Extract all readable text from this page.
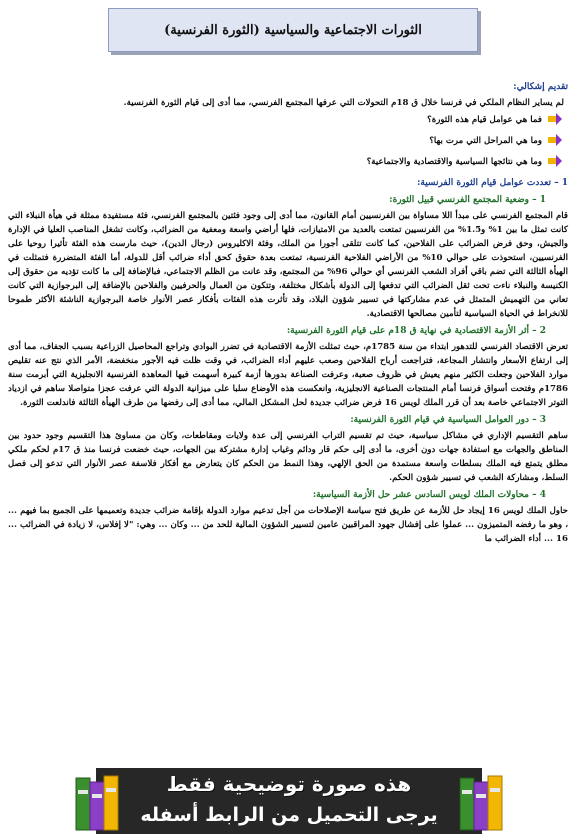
الثورات الاجتماعية والسياسية (الثورة الفرنسية)
تقديم إشكالي:

لم يساير النظام الملكي في فرنسا خلال ق 18م التحولات التي عرفها المجتمع الفرنسي، مما أدى إلى قيام الثورة الفرنسية.

فما هي عوامل قيام هذه الثورة؟
وما هي المراحل التي مرت بها؟
وما هي نتائجها السياسية والاقتصادية والاجتماعية؟
1 – تعددت عوامل قيام الثورة الفرنسية:
1 – وضعية المجتمع الفرنسي قبيل الثورة:

قام المجتمع الفرنسي على مبدأ اللا مساواة بين الفرنسيين أمام القانون، مما أدى إلى وجود فئتين بالمجتمع الفرنسي، فئة مستفيدة ممثلة في هيأة النبلاء التي كانت تمثل ما بين 1% و1.5% من الفرنسيين تمتعت بالعديد من الامتيازات، فلها أراضي واسعة ومعفية من الضرائب، وكانت تشغل المناصب العليا في الإدارة والجيش، وحق فرض الضرائب على الفلاحين، كما كانت تتلقى أجورا من الملك، وفئة الاكليروس (رجال الدين)، حيث مارست هذه الفئة تأثيرا روحيا على الفرنسيين، استحوذت على حوالي 10% من الأراضي الفلاحية الفرنسية، تمتعت بعدة حقوق كحق أداء ضرائب أقل للدولة، أما الفئة المتضررة فتمثلت في الهيأة الثالثة التي تضم باقي أفراد الشعب الفرنسي أي حوالي 96% من المجتمع، وقد عانت من الظلم الاجتماعي، فبالإضافة إلى ما كانت تؤديه من حقوق إلى الكنيسة والنبلاء ناءت تحت ثقل الضرائب التي تدفعها إلى الدولة بأشكال مختلفة، وتتكون من العمال والحرفيين والفلاحين بالإضافة إلى البرجوازية التي كانت تعاني من التهميش المتمثل في عدم مشاركتها في تسيير شؤون البلاد، وقد تأثرت هذه الفئات بأفكار عصر الأنوار خاصة البرجوازية الناشئة الأكثر طموحا للانخراط في الحياة السياسية لتأمين مصالحها الاقتصادية.

2 – أثر الأزمة الاقتصادية في نهاية ق 18م على قيام الثورة الفرنسية:

تعرض الاقتصاد الفرنسي للتدهور ابتداء من سنة 1785م، حيث تمثلت الأزمة الاقتصادية في تضرر البوادي وتراجع المحاصيل الزراعية بسبب الجفاف، مما أدى إلى ارتفاع الأسعار وانتشار المجاعة، فتراجعت أرباح الفلاحين وصعب عليهم أداء الضرائب، في وقت ظلت فيه الأجور منخفضة، الأمر الذي نتج عنه تقليص موارد الفلاحين وجعلت الكثير منهم يعيش في ظروف صعبة، وعرفت الصناعة بدورها أزمة كبيرة أسهمت فيها المعاهدة الفرنسية الانجليزية التي أبرمت سنة 1786م وفتحت أسواق فرنسا أمام المنتجات الصناعية الانجليزية، وانعكست هذه الأوضاع سلبا على ميزانية الدولة التي عرفت عجزا متواصلا ساهم في ازدياد التوتر الاجتماعي خاصة بعد أن قرر الملك لويس 16 فرض ضرائب جديدة لحل المشكل المالي، مما أدى إلى رفضها من طرف الهيأة الثالثة فاندلعت الثورة.

3 – دور العوامل السياسية في قيام الثورة الفرنسية:

ساهم التقسيم الإداري في مشاكل سياسية، حيث تم تقسيم التراب الفرنسي إلى عدة ولايات ومقاطعات، وكان من مساوئ هذا التقسيم وجود حدود بين المناطق والجهات مع استفادة جهات دون أخرى، ما أدى إلى حكم قار ودائم وغياب إدارة مشتركة بين الجهات، حيث خضعت فرنسا منذ ق 17م لحكم ملكي مطلق يتمتع فيه الملك بسلطات واسعة مستمدة من الحق الإلهي، وهذا النمط من الحكم كان يتعارض مع أفكار فلاسفة عصر الأنوار التي تدعو إلى فصل السلط، ومشاركة الشعب في تسيير شؤون الحكم.

4 – محاولات الملك لويس السادس عشر حل الأزمة السياسية:

حاول الملك لويس 16 إيجاد حل للأزمة عن طريق فتح سياسة الإصلاحات من أجل تدعيم موارد الدولة بإقامة ضرائب جديدة وتعميمها على الجميع بما فيهم ... ، وهو ما رفضه المتميزون ... عملوا على إفشال جهود المراقبين عامين لتسيير الشؤون المالية للحد من ... وكان ... وهي: "لا إفلاس، لا زيادة في الضرائب ... 16 ... أداء الضرائب ما

هذه صورة توضيحية فقط
يرجى التحميل من الرابط أسفله
